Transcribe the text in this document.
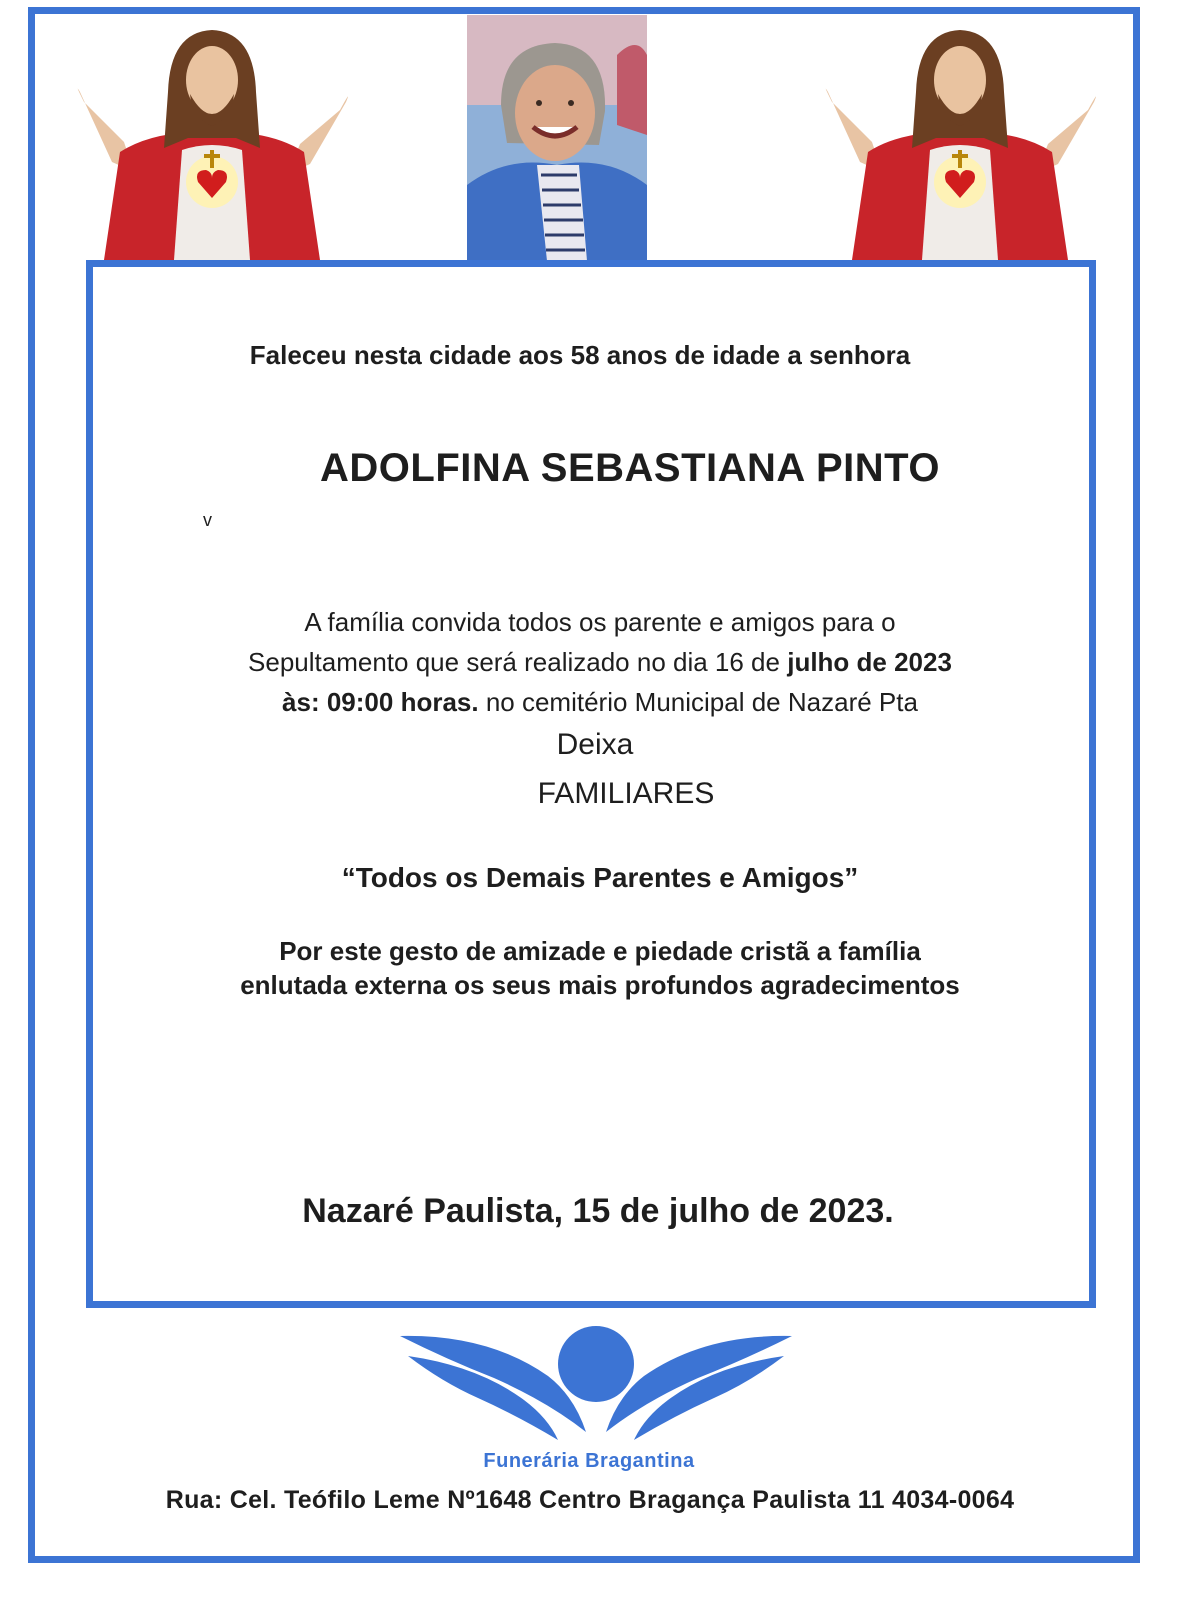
Faleceu nesta cidade aos 58 anos de idade a senhora
ADOLFINA SEBASTIANA PINTO
v
A família convida todos os parente e amigos para o
Sepultamento que será realizado no dia 16 de julho de 2023
às: 09:00 horas. no cemitério Municipal de Nazaré Pta
Deixa
FAMILIARES
“Todos os Demais Parentes e Amigos”
Por este gesto de amizade e piedade cristã a família
enlutada externa os seus mais profundos agradecimentos
Nazaré Paulista, 15 de julho de 2023.
Funerária Bragantina
Rua: Cel. Teófilo Leme Nº1648 Centro Bragança Paulista 11 4034-0064
